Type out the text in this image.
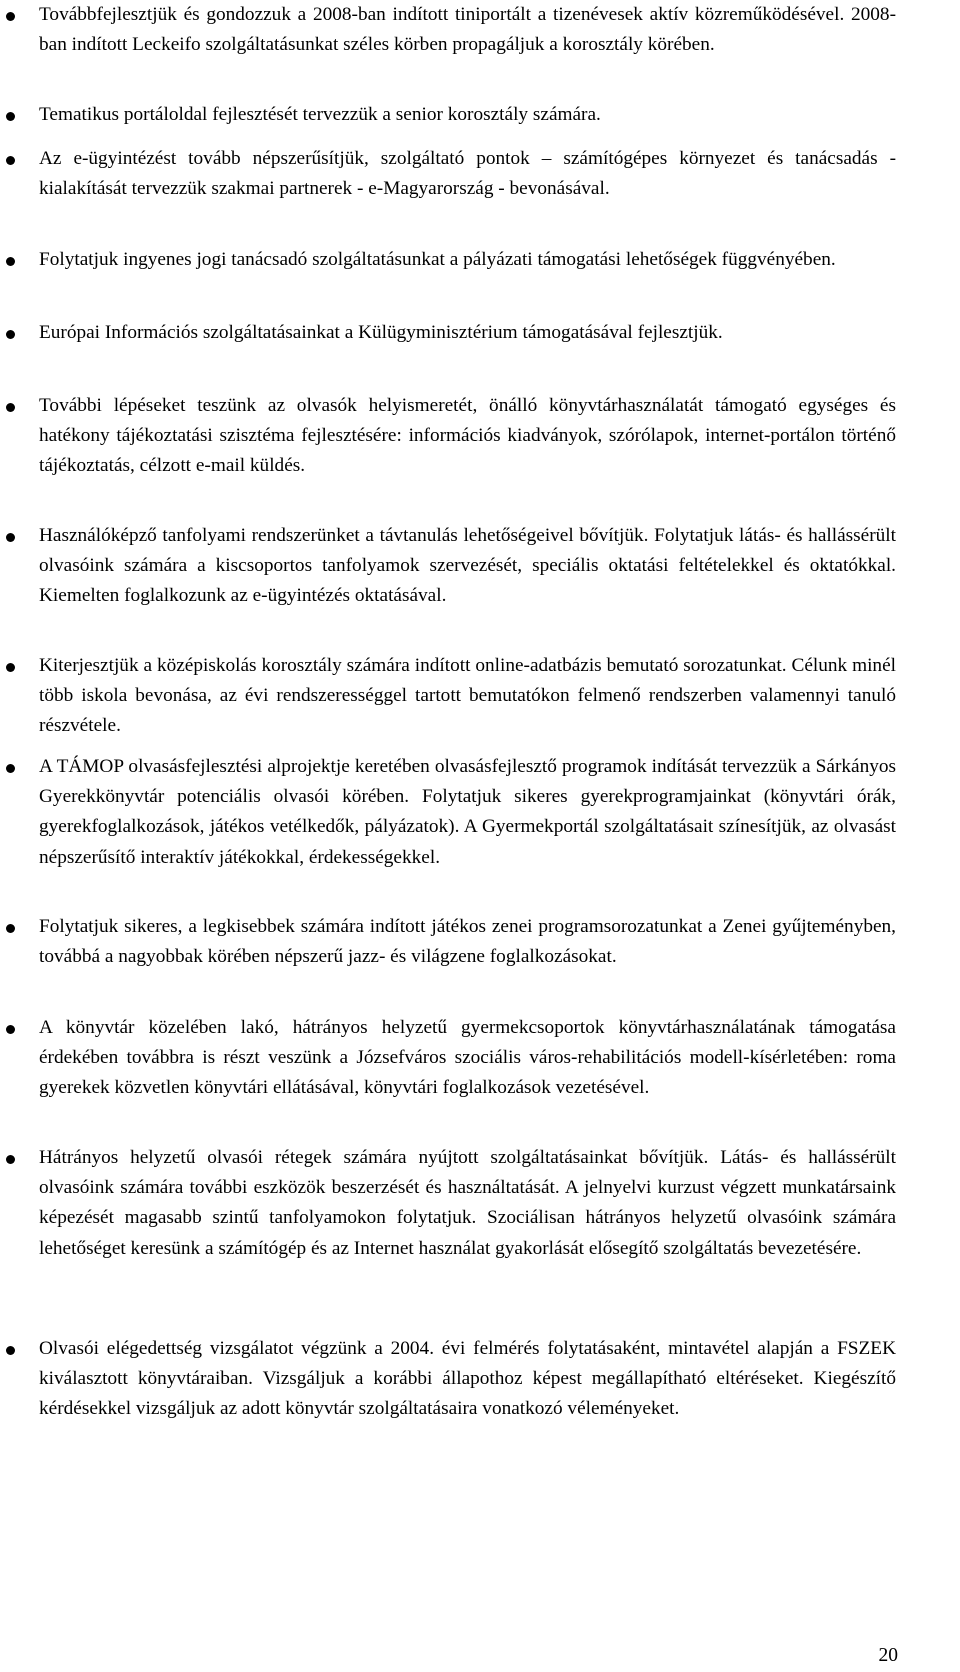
Továbbfejlesztjük és gondozzuk a 2008-ban indított tiniportált a tizenévesek aktív közreműködésével. 2008-ban indított Leckeifo szolgáltatásunkat széles körben propagáljuk a korosztály körében.

Tematikus portáloldal fejlesztését tervezzük a senior korosztály számára.

Az e-ügyintézést tovább népszerűsítjük, szolgáltató pontok – számítógépes környezet és tanácsadás - kialakítását tervezzük szakmai partnerek - e-Magyarország - bevonásával.

Folytatjuk ingyenes jogi tanácsadó szolgáltatásunkat a pályázati támogatási lehetőségek függvényében.

Európai Információs szolgáltatásainkat a Külügyminisztérium támogatásával fejlesztjük.

További lépéseket teszünk az olvasók helyismeretét, önálló könyvtárhasználatát támogató egységes és hatékony tájékoztatási szisztéma fejlesztésére: információs kiadványok, szórólapok, internet-portálon történő tájékoztatás, célzott e-mail küldés.

Használóképző tanfolyami rendszerünket a távtanulás lehetőségeivel bővítjük. Folytatjuk látás- és hallássérült olvasóink számára a kiscsoportos tanfolyamok szervezését, speciális oktatási feltételekkel és oktatókkal. Kiemelten foglalkozunk az e-ügyintézés oktatásával.

Kiterjesztjük a középiskolás korosztály számára indított online-adatbázis bemutató sorozatunkat. Célunk minél több iskola bevonása, az évi rendszerességgel tartott bemutatókon felmenő rendszerben valamennyi tanuló részvétele.

A TÁMOP olvasásfejlesztési alprojektje keretében olvasásfejlesztő programok indítását tervezzük a Sárkányos Gyerekkönyvtár potenciális olvasói körében. Folytatjuk sikeres gyerekprogramjainkat (könyvtári órák, gyerekfoglalkozások, játékos vetélkedők, pályázatok). A Gyermekportál szolgáltatásait színesítjük, az olvasást népszerűsítő interaktív játékokkal, érdekességekkel.

Folytatjuk sikeres, a legkisebbek számára indított játékos zenei programsorozatunkat a Zenei gyűjteményben, továbbá a nagyobbak körében népszerű jazz- és világzene foglalkozásokat.

A könyvtár közelében lakó, hátrányos helyzetű gyermekcsoportok könyvtárhasználatának támogatása érdekében továbbra is részt veszünk a Józsefváros szociális város-rehabilitációs modell-kísérletében: roma gyerekek közvetlen könyvtári ellátásával, könyvtári foglalkozások vezetésével.

Hátrányos helyzetű olvasói rétegek számára nyújtott szolgáltatásainkat bővítjük. Látás- és hallássérült olvasóink számára további eszközök beszerzését és használtatását. A jelnyelvi kurzust végzett munkatársaink képezését magasabb szintű tanfolyamokon folytatjuk. Szociálisan hátrányos helyzetű olvasóink számára lehetőséget keresünk a számítógép és az Internet használat gyakorlását elősegítő szolgáltatás bevezetésére.

Olvasói elégedettség vizsgálatot végzünk a 2004. évi felmérés folytatásaként, mintavétel alapján a FSZEK kiválasztott könyvtáraiban. Vizsgáljuk a korábbi állapothoz képest megállapítható eltéréseket. Kiegészítő kérdésekkel vizsgáljuk az adott könyvtár szolgáltatásaira vonatkozó véleményeket.

20
